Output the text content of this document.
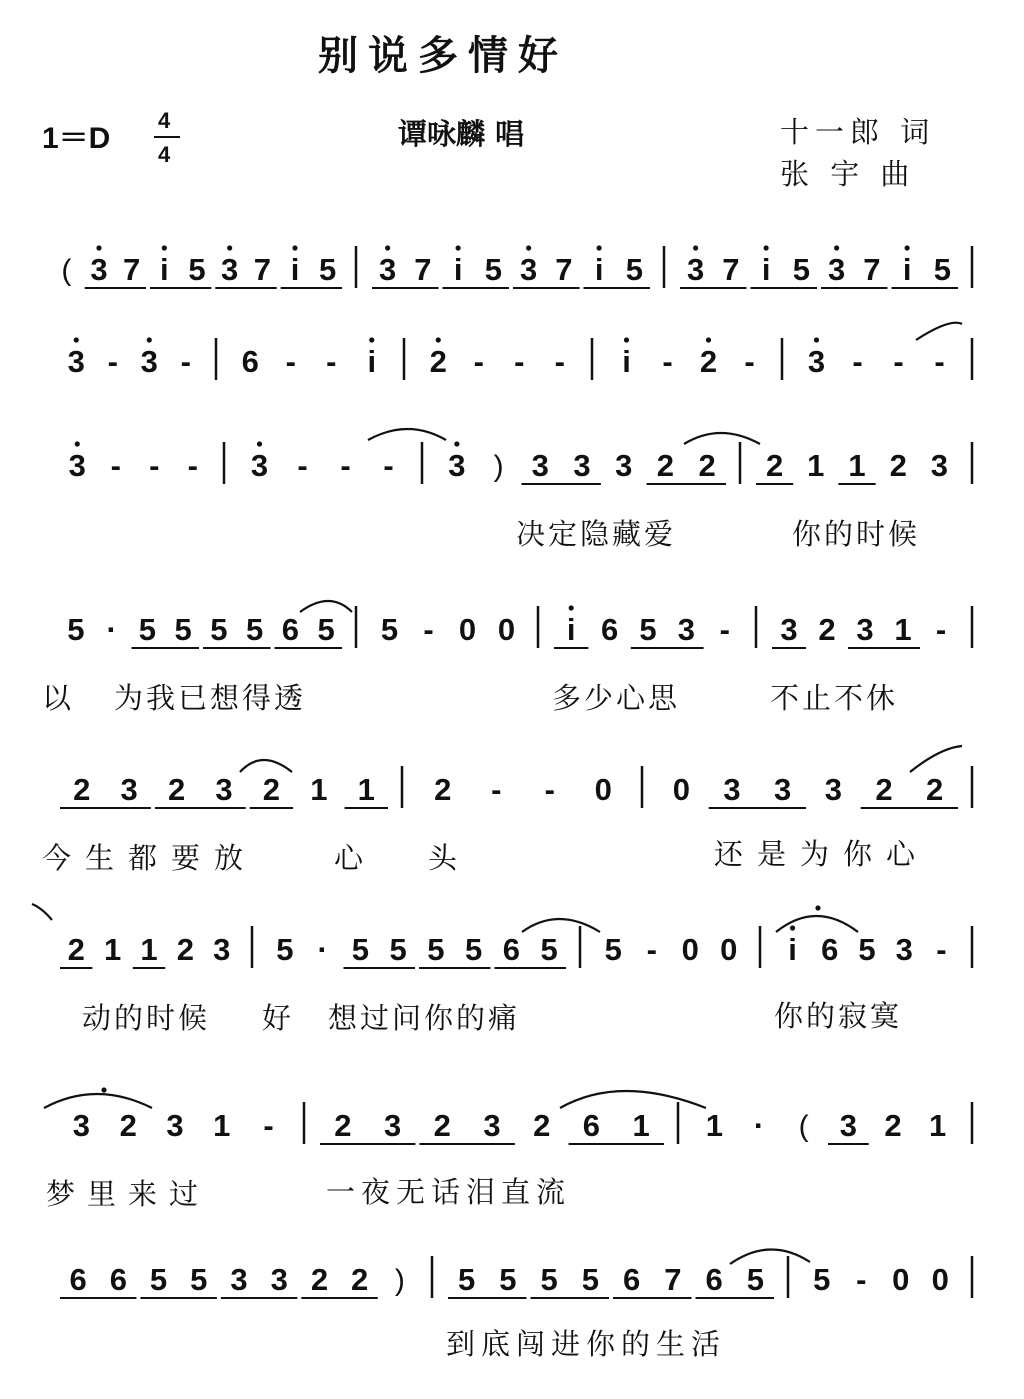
别说多情好
1＝D
4
4
谭咏麟 唱	十一郎 词
张 宇 曲
( 3 7 i 5 3 7 i 5 3 7 i 5 3 7 i 5 3 7 i 5 3 7 i 5
3 - 3 - 6 - - i 2 - - - i - 2 - 3 - - -
3 - - - 3 - - - 3 ) 3 3 3 2 2 2 1 1 2 3
5 · 5 5 5 5 6 5 5 - 0 0 i 6 5 3 - 3 2 3 1 -
2 3 2 3 2 1 1 2 - - 0 0 3 3 3 2 2
2 1 1 2 3 5 · 5 5 5 5 6 5 5 - 0 0 i 6 5 3 -
3 2 3 1 - 2 3 2 3 2 6 1 1 · ( 3 2 1
6 6 5 5 3 3 2 2 ) 5 5 5 5 6 7 6 5 5 - 0 0
决定隐藏爱	你的时候
以 为我已想得透	多少心思	不止不休
今生都要放	心 头	还是为你心
动的时候 好 想过问你的痛	你的寂寞
梦里来过	一夜无话泪直流
到底闯进你的生活
